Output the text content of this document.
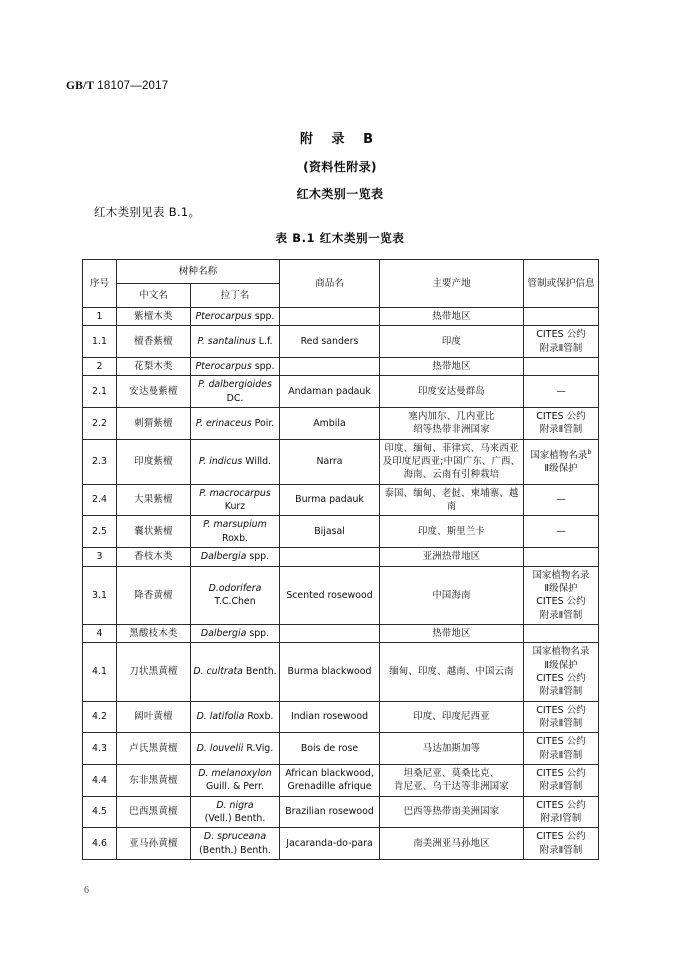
GB/T 18107—2017
附 录 B
(资料性附录)
红木类别一览表
红木类别见表 B.1。
表 B.1 红木类别一览表
序号	树种名称		商品名	主要产地	管制或保护信息
	中文名	拉丁名			
1	紫檀木类	Pterocarpus spp.		热带地区	
1.1	檀香紫檀	P. santalinus L.f.	Red sanders	印度	CITES 公约
附录Ⅱ管制
2	花梨木类	Pterocarpus spp.		热带地区	
2.1	安达曼紫檀	P. dalbergioides DC.	Andaman padauk	印度安达曼群岛	—
2.2	刺猬紫檀	P. erinaceus Poir.	Ambila	塞内加尔、几内亚比
绍等热带非洲国家	CITES 公约
附录Ⅱ管制
2.3	印度紫檀	P. indicus Willd.	Narra	印度、缅甸、菲律宾、马来西亚
及印度尼西亚;中国广东、广西、
海南、云南有引种栽培	国家植物名录$^b$
Ⅱ级保护
2.4	大果紫檀	P. macrocarpus Kurz	Burma padauk	泰国、缅甸、老挝、柬埔寨、越南	—
2.5	囊状紫檀	P. marsupium Roxb.	Bijasal	印度、斯里兰卡	—
3	香枝木类	Dalbergia spp.		亚洲热带地区	
3.1	降香黄檀	D.odorifera T.C.Chen	Scented rosewood	中国海南	国家植物名录
Ⅱ级保护
CITES 公约
附录Ⅱ管制
4	黑酸枝木类	Dalbergia spp.		热带地区	
4.1	刀状黑黄檀	D. cultrata Benth.	Burma blackwood	缅甸、印度、越南、中国云南	国家植物名录
Ⅱ级保护
CITES 公约
附录Ⅱ管制
4.2	阔叶黄檀	D. latifolia Roxb.	Indian rosewood	印度、印度尼西亚	CITES 公约
附录Ⅱ管制
4.3	卢氏黑黄檀	D. louvelii R.Vig.	Bois de rose	马达加斯加等	CITES 公约
附录Ⅱ管制
4.4	东非黑黄檀	D. melanoxylon
Guill. & Perr.	African blackwood,
Grenadille afrique	坦桑尼亚、莫桑比克、
肯尼亚、乌干达等非洲国家	CITES 公约
附录Ⅱ管制
4.5	巴西黑黄檀	D. nigra
(Vell.) Benth.	Brazilian rosewood	巴西等热带南美洲国家	CITES 公约
附录Ⅰ管制
4.6	亚马孙黄檀	D. spruceana
(Benth.) Benth.	Jacaranda-do-para	南美洲亚马孙地区	CITES 公约
附录Ⅱ管制
6
